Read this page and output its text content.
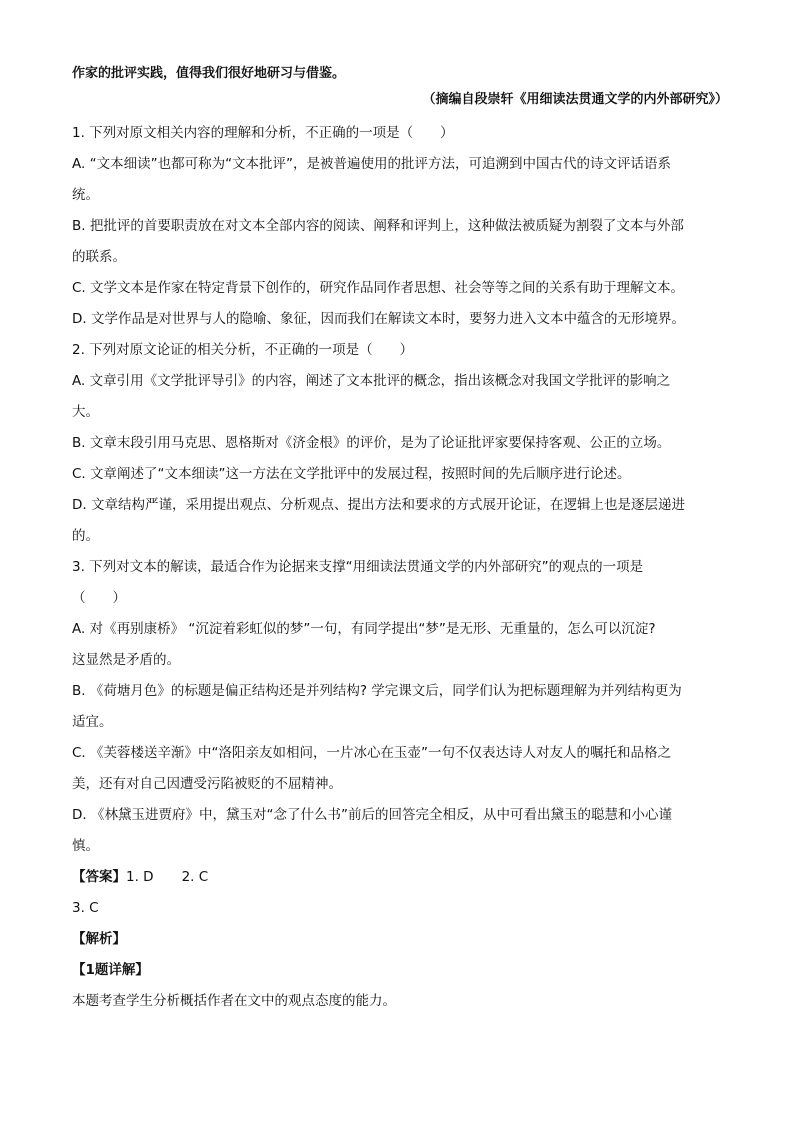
作家的批评实践，值得我们很好地研习与借鉴。
（摘编自段崇轩《用细读法贯通文学的内外部研究》）
1. 下列对原文相关内容的理解和分析，不正确的一项是（　　）
A. “文本细读”也都可称为“文本批评”，是被普遍使用的批评方法，可追溯到中国古代的诗文评话语系
统。
B. 把批评的首要职责放在对文本全部内容的阅读、阐释和评判上，这种做法被质疑为割裂了文本与外部
的联系。
C. 文学文本是作家在特定背景下创作的，研究作品同作者思想、社会等等之间的关系有助于理解文本。
D. 文学作品是对世界与人的隐喻、象征，因而我们在解读文本时，要努力进入文本中蕴含的无形境界。
2. 下列对原文论证的相关分析，不正确的一项是（　　）
A. 文章引用《文学批评导引》的内容，阐述了文本批评的概念，指出该概念对我国文学批评的影响之
大。
B. 文章末段引用马克思、恩格斯对《济金根》的评价，是为了论证批评家要保持客观、公正的立场。
C. 文章阐述了“文本细读”这一方法在文学批评中的发展过程，按照时间的先后顺序进行论述。
D. 文章结构严谨，采用提出观点、分析观点、提出方法和要求的方式展开论证，在逻辑上也是逐层递进
的。
3. 下列对文本的解读，最适合作为论据来支撑“用细读法贯通文学的内外部研究”的观点的一项是
（　　）
A. 对《再别康桥》 “沉淀着彩虹似的梦”一句，有同学提出“梦”是无形、无重量的，怎么可以沉淀?
这显然是矛盾的。
B. 《荷塘月色》的标题是偏正结构还是并列结构? 学完课文后，同学们认为把标题理解为并列结构更为
适宜。
C. 《芙蓉楼送辛渐》中“洛阳亲友如相问，一片冰心在玉壶”一句不仅表达诗人对友人的嘱托和品格之
美，还有对自己因遭受污陷被贬的不屈精神。
D. 《林黛玉进贾府》中，黛玉对“念了什么书”前后的回答完全相反，从中可看出黛玉的聪慧和小心谨
慎。
【答案】1. D 2. C
3. C
【解析】
【1题详解】
本题考查学生分析概括作者在文中的观点态度的能力。
